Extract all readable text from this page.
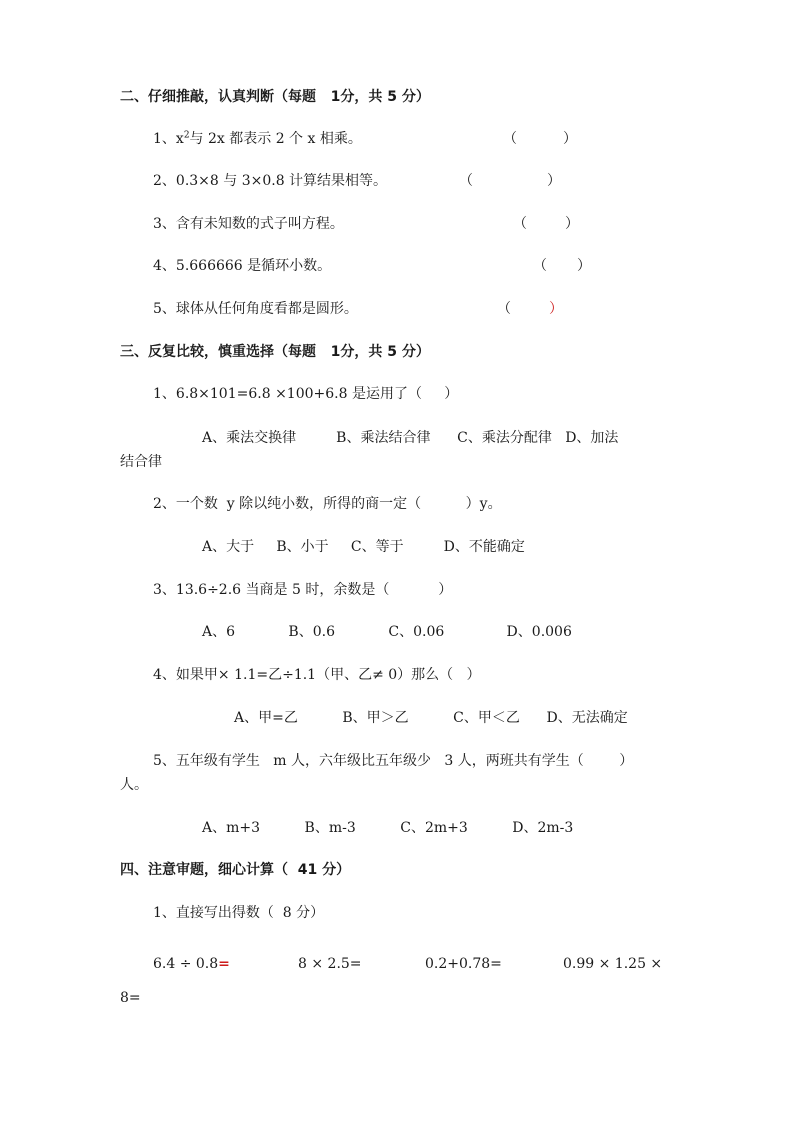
二、仔细推敲，认真判断（每题   1分，共 5 分）
1、$x^2$与 2x 都表示 2 个 x 相乘。	（	）
2、0.3×8 与 3×0.8 计算结果相等。	（	）
3、含有未知数的式子叫方程。	（	）
4、5.666666 是循环小数。	（ ）
5、球体从任何角度看都是圆形。	（	）
三、反复比较，慎重选择（每题   1分，共 5 分）
1、6.8×101=6.8 ×100+6.8 是运用了（     ）
A、乘法交换律         B、乘法结合律      C、乘法分配律   D、加法
结合律
2、一个数  y 除以纯小数，所得的商一定（          ）y。
A、大于     B、小于     C、等于         D、不能确定
3、13.6÷2.6 当商是 5 时，余数是（           ）
A、6            B、0.6            C、0.06              D、0.006
4、如果甲× 1.1=乙÷1.1（甲、乙≠ 0）那么（   ）
A、甲=乙          B、甲＞乙          C、甲＜乙      D、无法确定
5、五年级有学生   m 人，六年级比五年级少   3 人，两班共有学生（        ）
人。
A、m+3          B、m-3          C、2m+3          D、2m-3
四、注意审题，细心计算（  41 分）
1、直接写出得数（  8 分）
6.4 ÷ 0.8=	8 × 2.5=	0.2+0.78=	0.99 × 1.25 ×
8=
